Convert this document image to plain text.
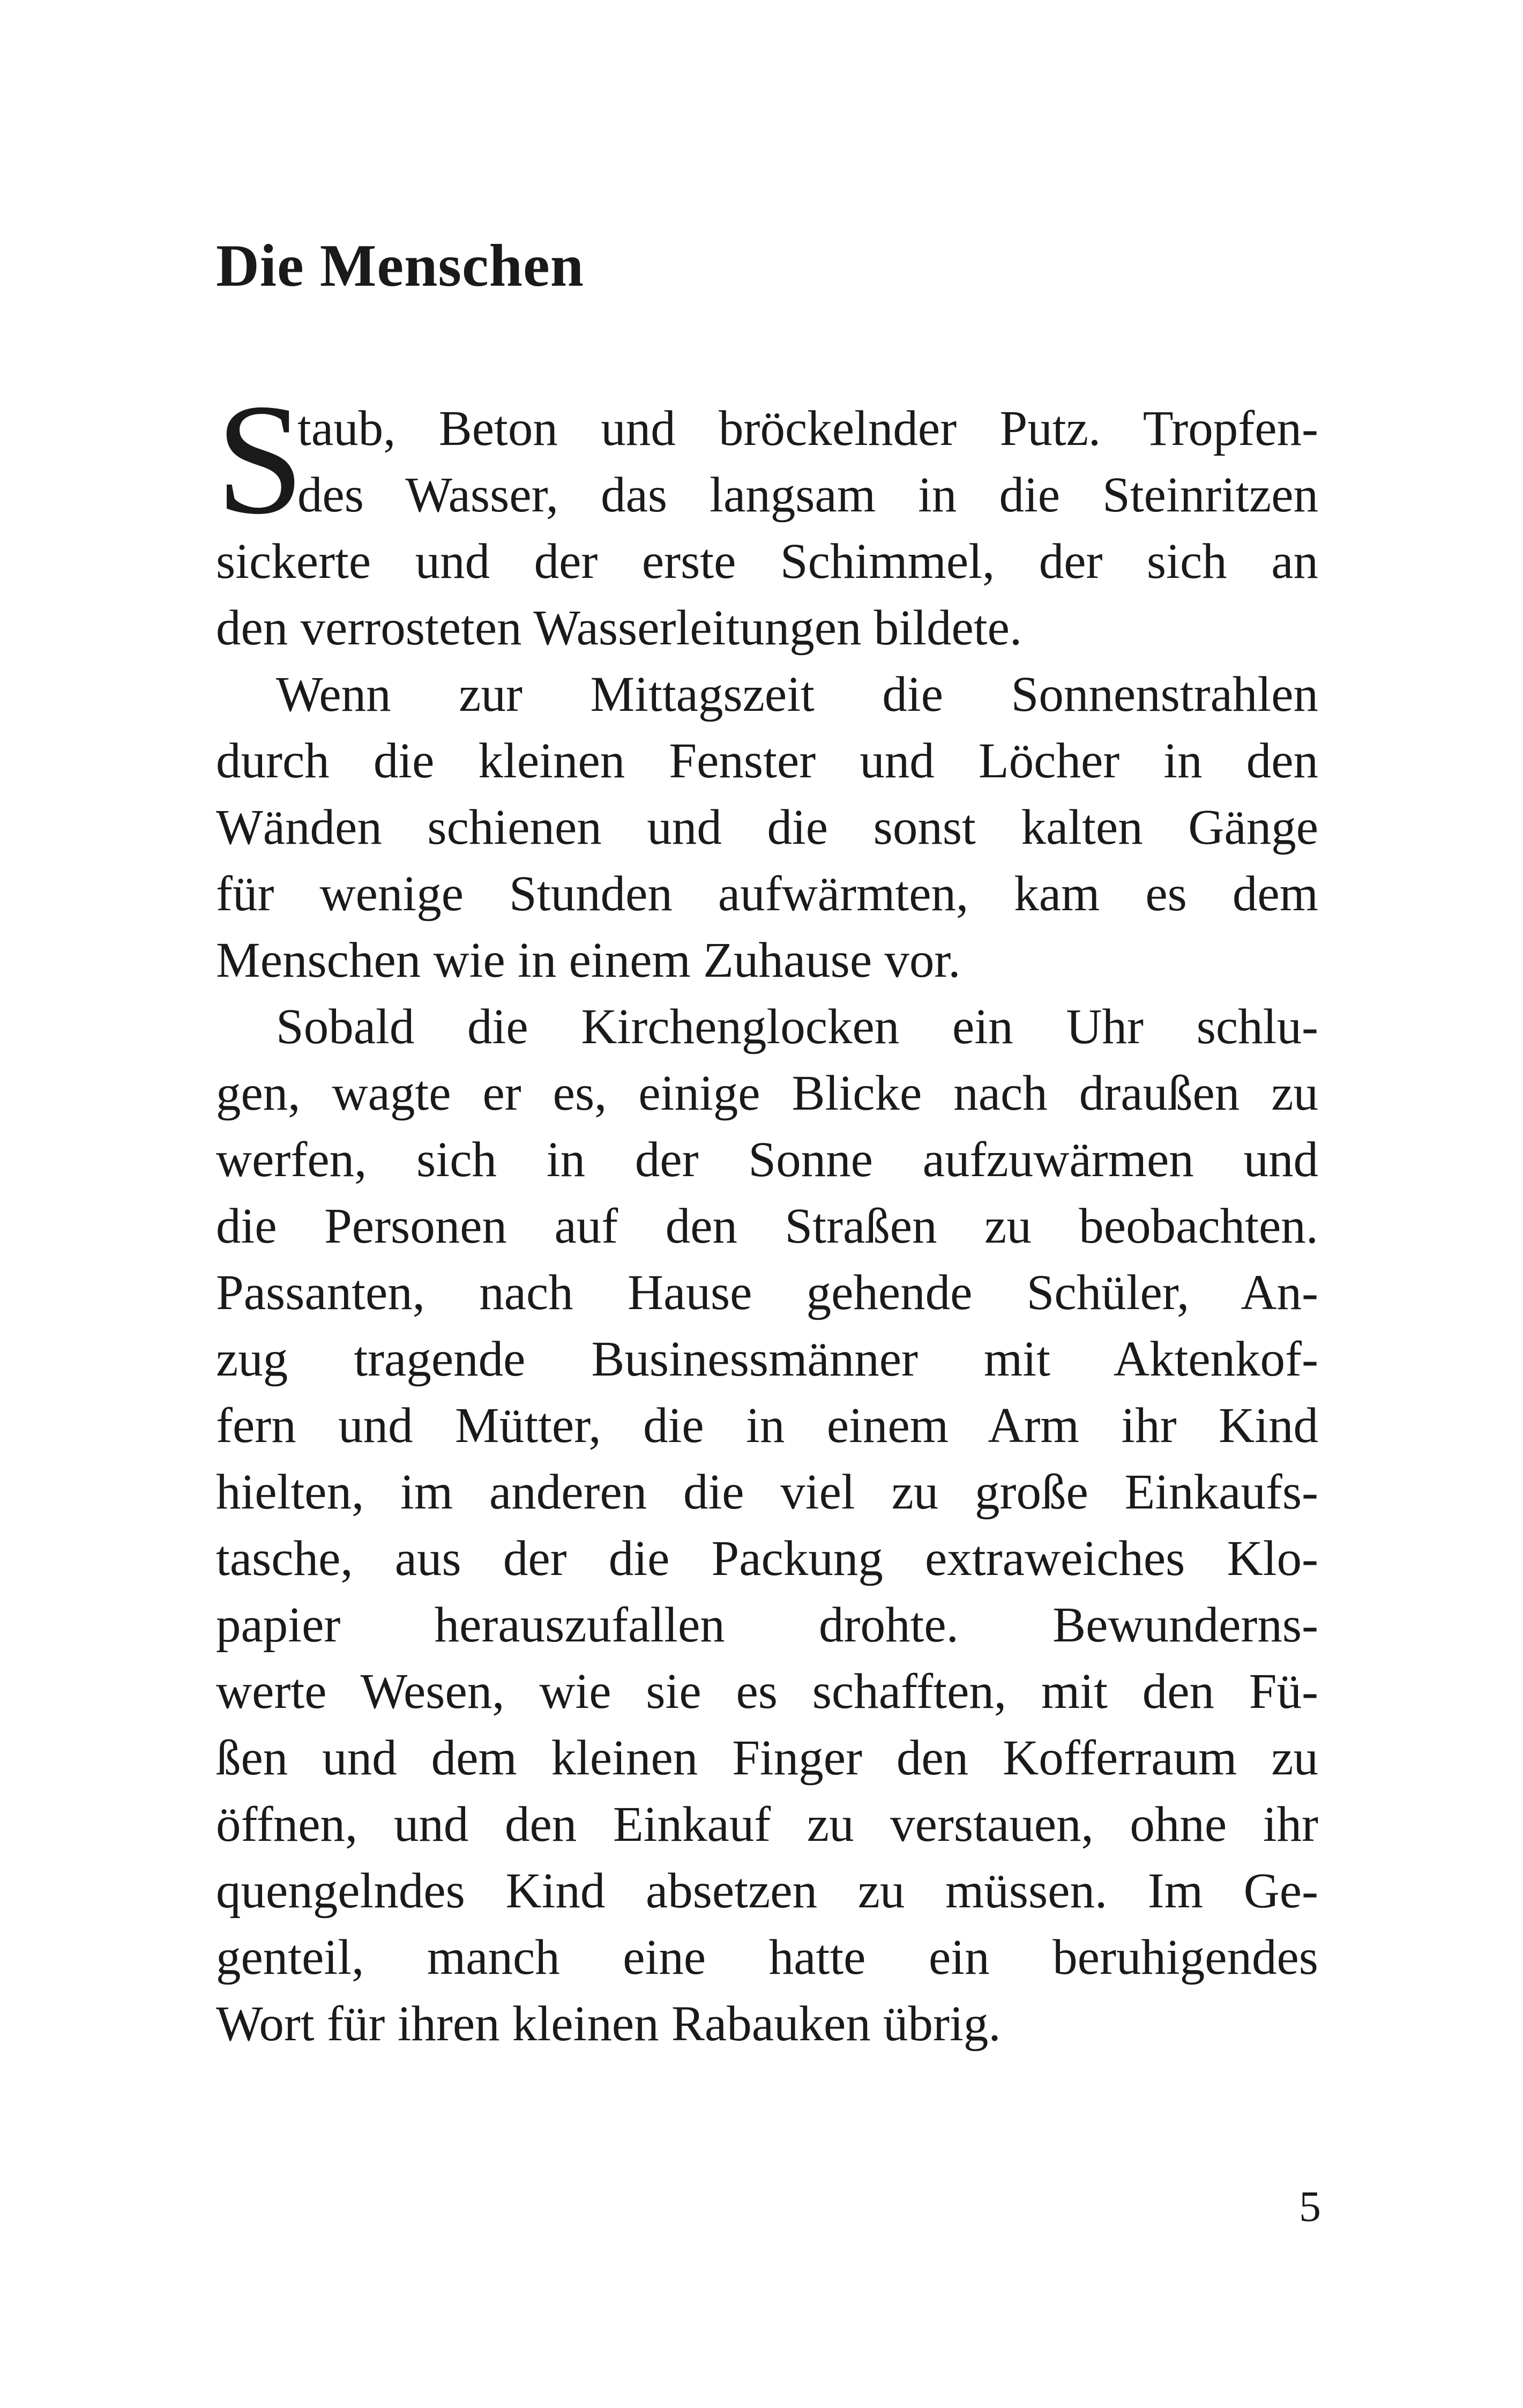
Die Menschen
S
taub, Beton und bröckelnder Putz. Tropfen-
des Wasser, das langsam in die Steinritzen
sickerte und der erste Schimmel, der sich an
den verrosteten Wasserleitungen bildete.
Wenn zur Mittagszeit die Sonnenstrahlen
durch die kleinen Fenster und Löcher in den
Wänden schienen und die sonst kalten Gänge
für wenige Stunden aufwärmten, kam es dem
Menschen wie in einem Zuhause vor.
Sobald die Kirchenglocken ein Uhr schlu-
gen, wagte er es, einige Blicke nach draußen zu
werfen, sich in der Sonne aufzuwärmen und
die Personen auf den Straßen zu beobachten.
Passanten, nach Hause gehende Schüler, An-
zug tragende Businessmänner mit Aktenkof-
fern und Mütter, die in einem Arm ihr Kind
hielten, im anderen die viel zu große Einkaufs-
tasche, aus der die Packung extraweiches Klo-
papier herauszufallen drohte. Bewunderns-
werte Wesen, wie sie es schafften, mit den Fü-
ßen und dem kleinen Finger den Kofferraum zu
öffnen, und den Einkauf zu verstauen, ohne ihr
quengelndes Kind absetzen zu müssen. Im Ge-
genteil, manch eine hatte ein beruhigendes
Wort für ihren kleinen Rabauken übrig.
5
